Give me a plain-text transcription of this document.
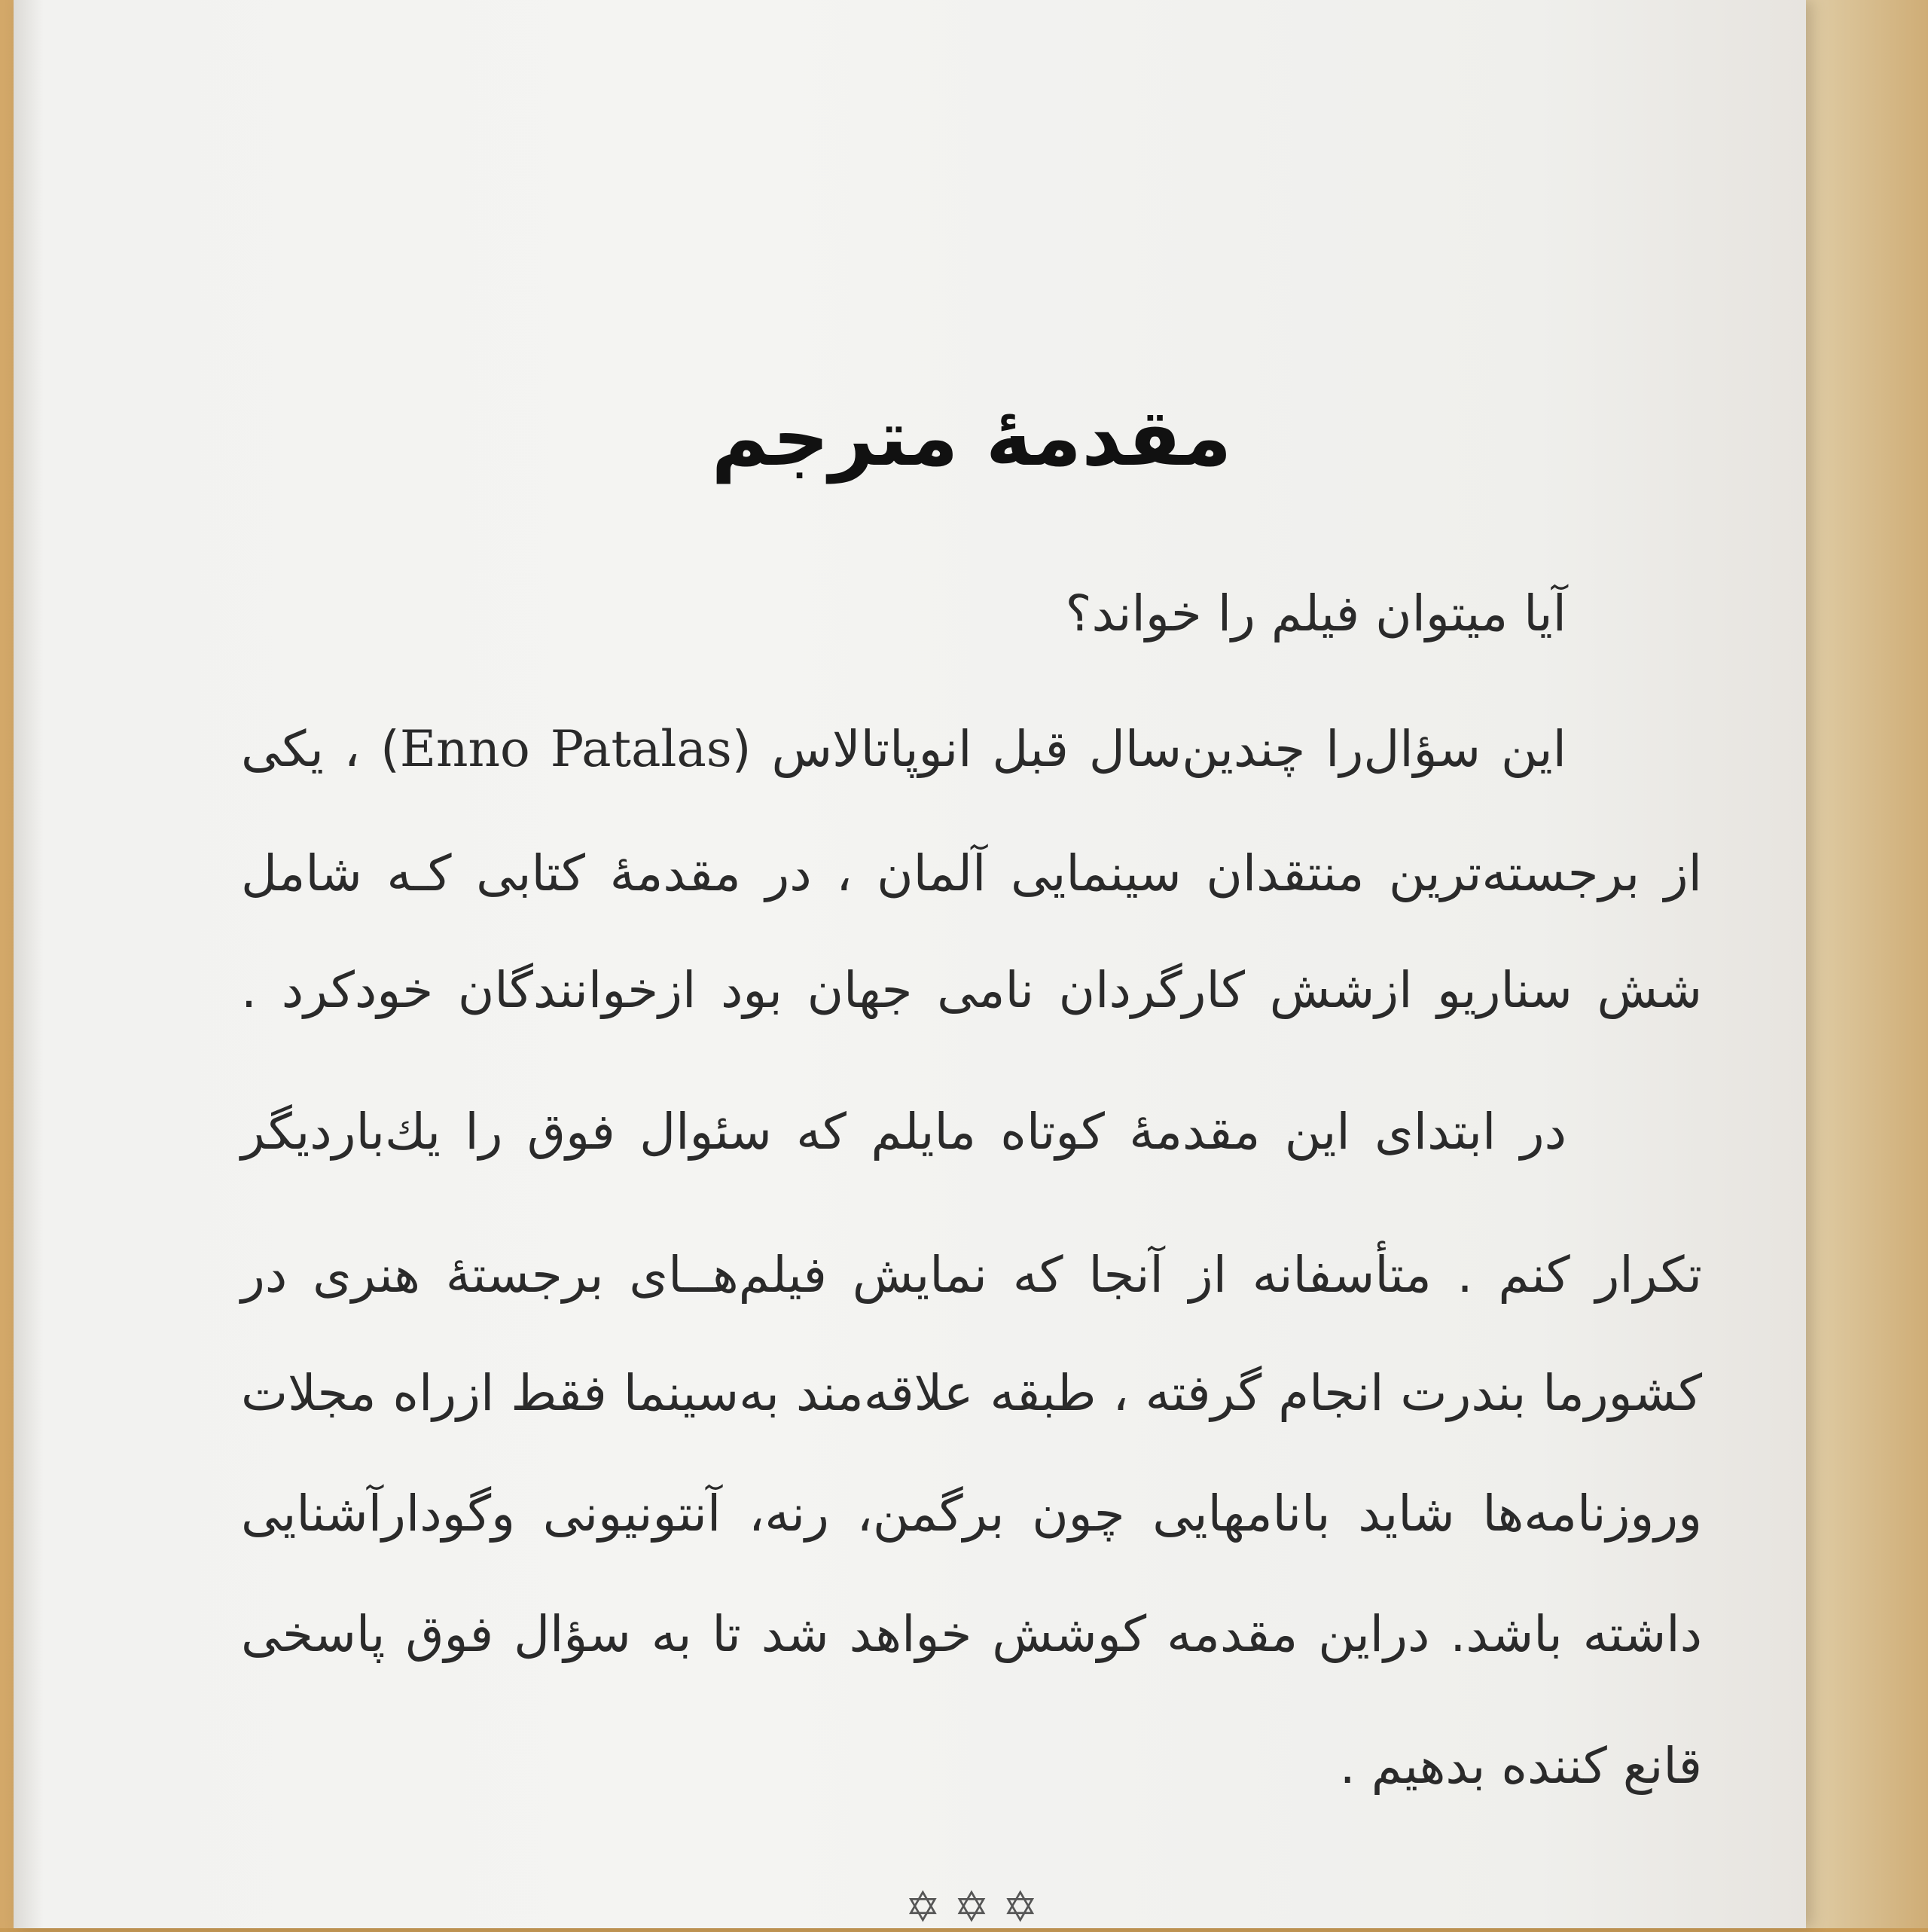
مقدمهٔ مترجم
آیا میتوان فیلم را خواند؟
این سؤال‌را چندین‌سال قبل انوپاتالاس (Enno Patalas) ، یکی
از برجسته‌ترین منتقدان سینمایی آلمان ، در مقدمهٔ کتابی کـه شامل
شش سناریو ازشش کارگردان نامی جهان بود ازخوانندگان خودکرد .
در ابتدای این مقدمهٔ کوتاه مایلم که سئوال فوق را یك‌باردیگر
تکرار کنم . متأسفانه از آنجا که نمایش فیلم‌هــای برجستهٔ هنری در
کشورما بندرت انجام گرفته ، طبقه علاقه‌مند به‌سینما فقط ازراه مجلات
وروزنامه‌ها شاید بانامهایی چون برگمن، رنه، آنتونیونی وگودارآشنایی
داشته باشد. دراین مقدمه کوشش خواهد شد تا به سؤال فوق پاسخی
قانع کننده بدهیم .
✡ ✡ ✡
